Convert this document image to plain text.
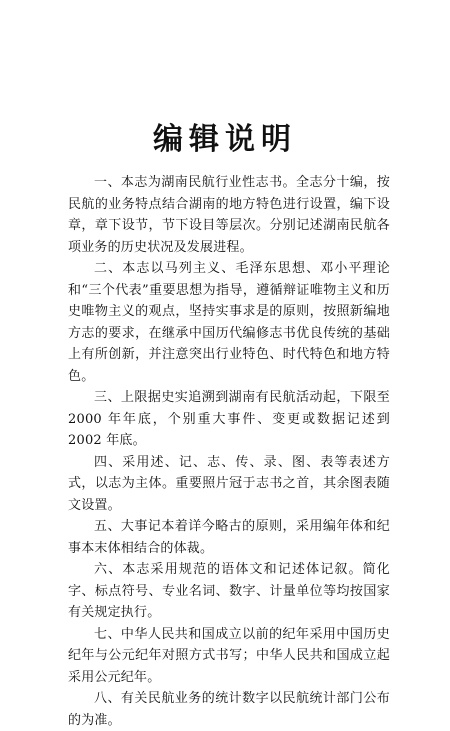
编辑说明

一、本志为湖南民航行业性志书。全志分十编，按民航的业务特点结合湖南的地方特色进行设置，编下设章，章下设节，节下设目等层次。分别记述湖南民航各项业务的历史状况及发展进程。

二、本志以马列主义、毛泽东思想、邓小平理论和“三个代表”重要思想为指导，遵循辩证唯物主义和历史唯物主义的观点，坚持实事求是的原则，按照新编地方志的要求，在继承中国历代编修志书优良传统的基础上有所创新，并注意突出行业特色、时代特色和地方特色。

三、上限据史实追溯到湖南有民航活动起，下限至 2000 年年底，个别重大事件、变更或数据记述到 2002 年底。

四、采用述、记、志、传、录、图、表等表述方式，以志为主体。重要照片冠于志书之首，其余图表随文设置。

五、大事记本着详今略古的原则，采用编年体和纪事本末体相结合的体裁。

六、本志采用规范的语体文和记述体记叙。简化字、标点符号、专业名词、数字、计量单位等均按国家有关规定执行。

七、中华人民共和国成立以前的纪年采用中国历史纪年与公元纪年对照方式书写；中华人民共和国成立起采用公元纪年。

八、有关民航业务的统计数字以民航统计部门公布的为准。
